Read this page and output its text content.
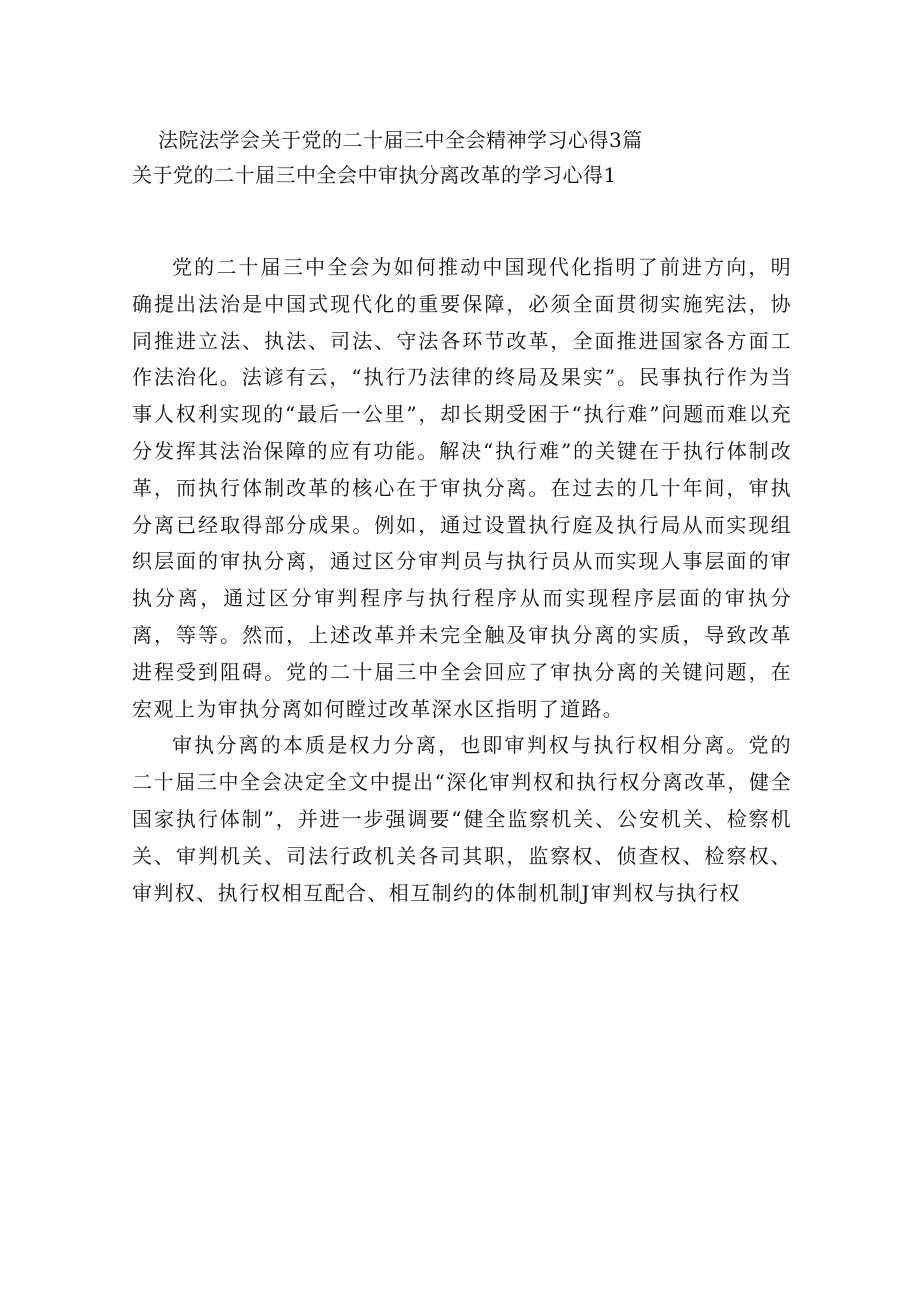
法院法学会关于党的二十届三中全会精神学习心得3篇
关于党的二十届三中全会中审执分离改革的学习心得1

党的二十届三中全会为如何推动中国现代化指明了前进方向，明确提出法治是中国式现代化的重要保障，必须全面贯彻实施宪法，协同推进立法、执法、司法、守法各环节改革，全面推进国家各方面工作法治化。法谚有云，“执行乃法律的终局及果实”。民事执行作为当事人权利实现的“最后一公里”，却长期受困于“执行难”问题而难以充分发挥其法治保障的应有功能。解决“执行难”的关键在于执行体制改革，而执行体制改革的核心在于审执分离。在过去的几十年间，审执分离已经取得部分成果。例如，通过设置执行庭及执行局从而实现组织层面的审执分离，通过区分审判员与执行员从而实现人事层面的审执分离，通过区分审判程序与执行程序从而实现程序层面的审执分离，等等。然而，上述改革并未完全触及审执分离的实质，导致改革进程受到阻碍。党的二十届三中全会回应了审执分离的关键问题，在宏观上为审执分离如何瞠过改革深水区指明了道路。

审执分离的本质是权力分离，也即审判权与执行权相分离。党的二十届三中全会决定全文中提出“深化审判权和执行权分离改革，健全国家执行体制”，并进一步强调要“健全监察机关、公安机关、检察机关、审判机关、司法行政机关各司其职，监察权、侦查权、检察权、审判权、执行权相互配合、相互制约的体制机制J审判权与执行权
